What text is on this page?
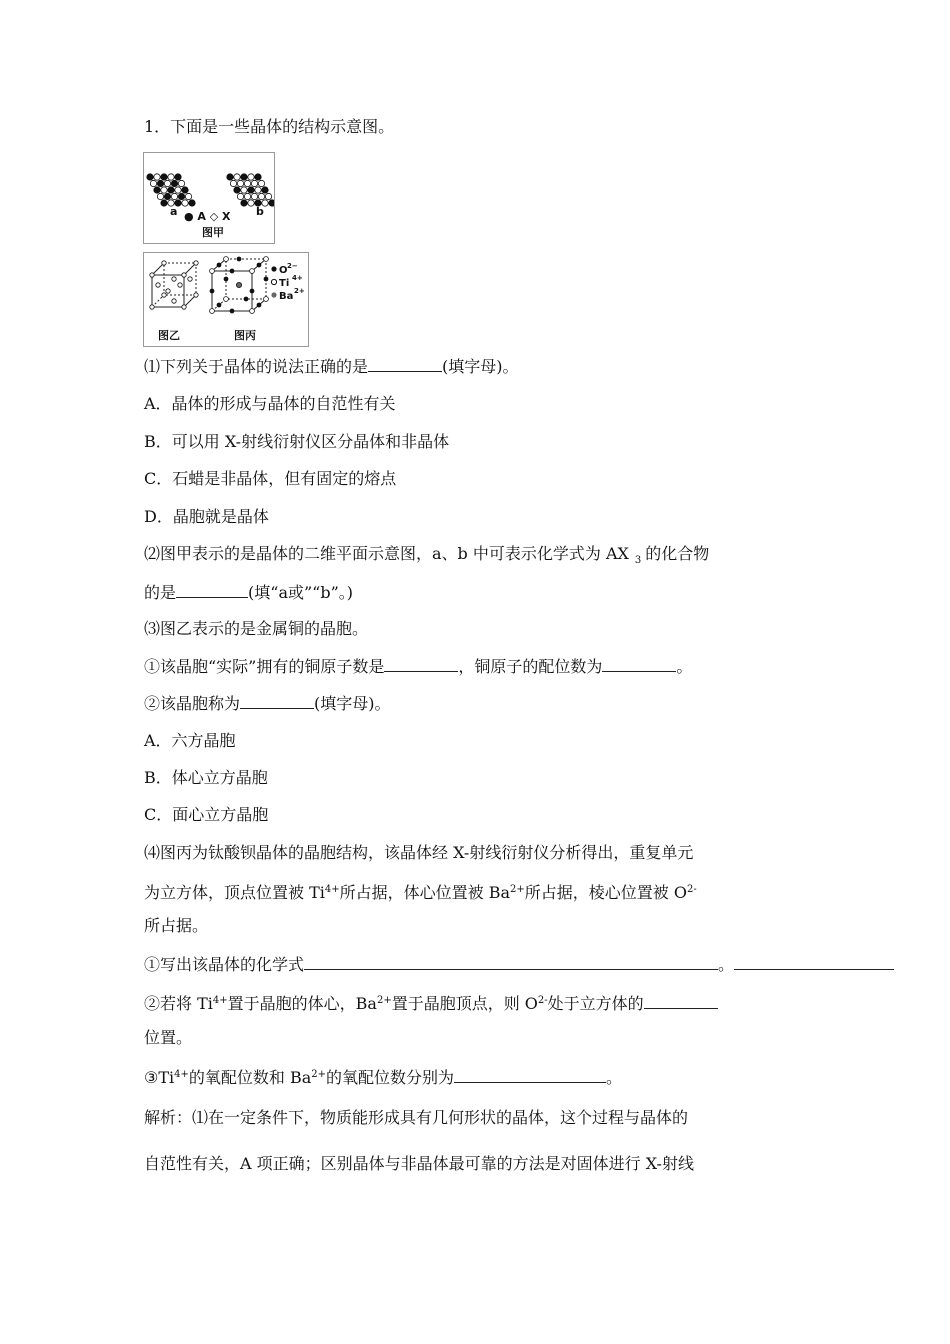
1．下面是一些晶体的结构示意图。
a	b
● A ◇ X
图甲
图乙	图丙
O 2−
Ti 4+
Ba 2+
⑴下列关于晶体的说法正确的是	(填字母)。
A．晶体的形成与晶体的自范性有关
B．可以用 X-射线衍射仪区分晶体和非晶体
C．石蜡是非晶体，但有固定的熔点
D．晶胞就是晶体
⑵图甲表示的是晶体的二维平面示意图，a、b 中可表示化学式为 AX $_3$ 的化合物
的是	(填“a或”“b”。)
⑶图乙表示的是金属铜的晶胞。
①该晶胞“实际”拥有的铜原子数是	，铜原子的配位数为	。
②该晶胞称为	(填字母)。
A．六方晶胞
B．体心立方晶胞
C．面心立方晶胞
⑷图丙为钛酸钡晶体的晶胞结构，该晶体经 X-射线衍射仪分析得出，重复单元
为立方体，顶点位置被 $Ti^{4+}$所占据，体心位置被 $Ba^{2+}$所占据，棱心位置被 $O^{2-}$
所占据。
①写出该晶体的化学式	。
②若将 $Ti^{4+}$置于晶胞的体心，$Ba^{2+}$置于晶胞顶点，则 $O^{2-}$处于立方体的
位置。
$③Ti^{4+}$的氧配位数和 $Ba^{2+}$的氧配位数分别为	。
解析：⑴在一定条件下，物质能形成具有几何形状的晶体，这个过程与晶体的
自范性有关，A 项正确；区别晶体与非晶体最可靠的方法是对固体进行 X-射线
